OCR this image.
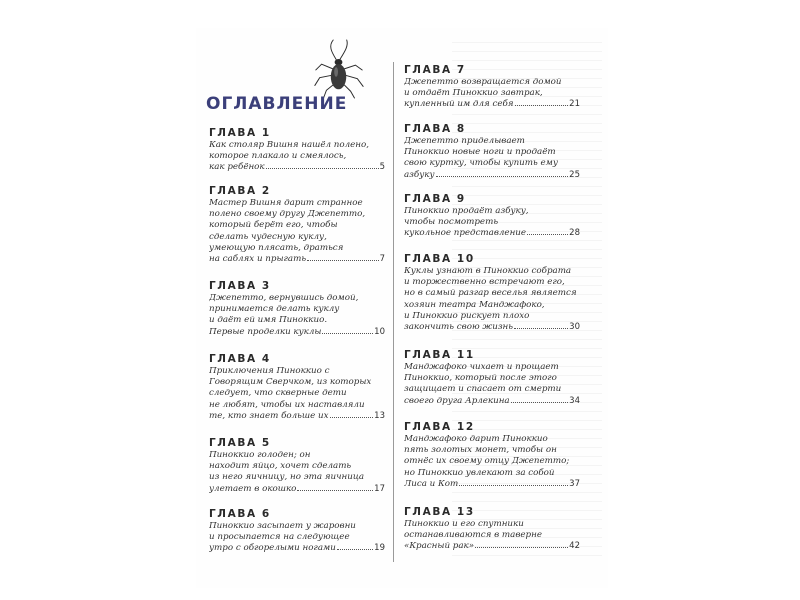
ОГЛАВЛЕНИЕ
ГЛАВА 1
Как столяр Вишня нашёл полено,
которое плакало и смеялось,
как ребёнок	5
ГЛАВА 2
Мастер Вишня дарит странное
полено своему другу Джепетто,
который берёт его, чтобы
сделать чудесную куклу,
умеющую плясать, драться
на саблях и прыгать	7
ГЛАВА 3
Джепетто, вернувшись домой,
принимается делать куклу
и даёт ей имя Пиноккио.
Первые проделки куклы	10
ГЛАВА 4
Приключения Пиноккио с
Говорящим Сверчком, из которых
следует, что скверные дети
не любят, чтобы их наставляли
те, кто знает больше их	13
ГЛАВА 5
Пиноккио голоден; он
находит яйцо, хочет сделать
из него яичницу, но эта яичница
улетает в окошко	17
ГЛАВА 6
Пиноккио засыпает у жаровни
и просыпается на следующее
утро с обгорелыми ногами	19
ГЛАВА 7
Джепетто возвращается домой
и отдаёт Пиноккио завтрак,
купленный им для себя	21
ГЛАВА 8
Джепетто приделывает
Пиноккио новые ноги и продаёт
свою куртку, чтобы купить ему
азбуку	25
ГЛАВА 9
Пиноккио продаёт азбуку,
чтобы посмотреть
кукольное представление	28
ГЛАВА 10
Куклы узнают в Пиноккио собрата
и торжественно встречают его,
но в самый разгар веселья является
хозяин театра Манджафоко,
и Пиноккио рискует плохо
закончить свою жизнь	30
ГЛАВА 11
Манджафоко чихает и прощает
Пиноккио, который после этого
защищает и спасает от смерти
своего друга Арлекина	34
ГЛАВА 12
Манджафоко дарит Пиноккио
пять золотых монет, чтобы он
отнёс их своему отцу Джепетто;
но Пиноккио увлекают за собой
Лиса и Кот	37
ГЛАВА 13
Пиноккио и его спутники
останавливаются в таверне
«Красный рак»	42
